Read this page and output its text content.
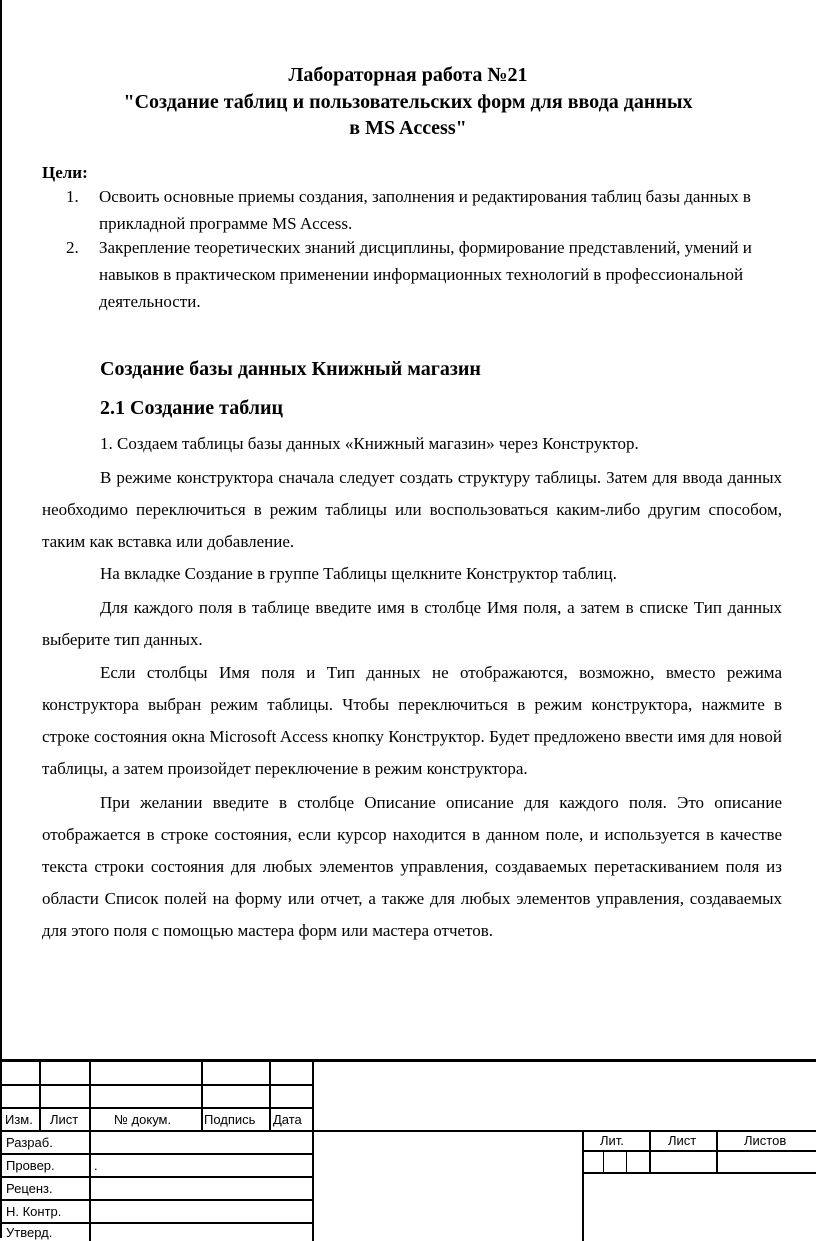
Лабораторная работа №21
"Создание таблиц и пользовательских форм для ввода данных
в MS Access"
Цели:
1. Освоить основные приемы создания, заполнения и редактирования таблиц базы данных в прикладной программе MS Access.
2. Закрепление теоретических знаний дисциплины, формирование представлений, умений и навыков в практическом применении информационных технологий в профессиональной деятельности.
Создание базы данных Книжный магазин
2.1 Создание таблиц
1. Создаем таблицы базы данных «Книжный магазин» через Конструктор.
В режиме конструктора сначала следует создать структуру таблицы. Затем для ввода данных необходимо переключиться в режим таблицы или воспользоваться каким-либо другим способом, таким как вставка или добавление.
На вкладке Создание в группе Таблицы щелкните Конструктор таблиц.
Для каждого поля в таблице введите имя в столбце Имя поля, а затем в списке Тип данных выберите тип данных.
Если столбцы Имя поля и Тип данных не отображаются, возможно, вместо режима конструктора выбран режим таблицы. Чтобы переключиться в режим конструктора, нажмите в строке состояния окна Microsoft Access кнопку Конструктор. Будет предложено ввести имя для новой таблицы, а затем произойдет переключение в режим конструктора.
При желании введите в столбце Описание описание для каждого поля. Это описание отображается в строке состояния, если курсор находится в данном поле, и используется в качестве текста строки состояния для любых элементов управления, создаваемых перетаскиванием поля из области Список полей на форму или отчет, а также для любых элементов управления, создаваемых для этого поля с помощью мастера форм или мастера отчетов.
Изм. Лист	№ докум.	Подпись Дата
Разраб.
Провер.	.
Реценз.
Н. Контр.
Утверд.
Лит.	Лист	Листов
